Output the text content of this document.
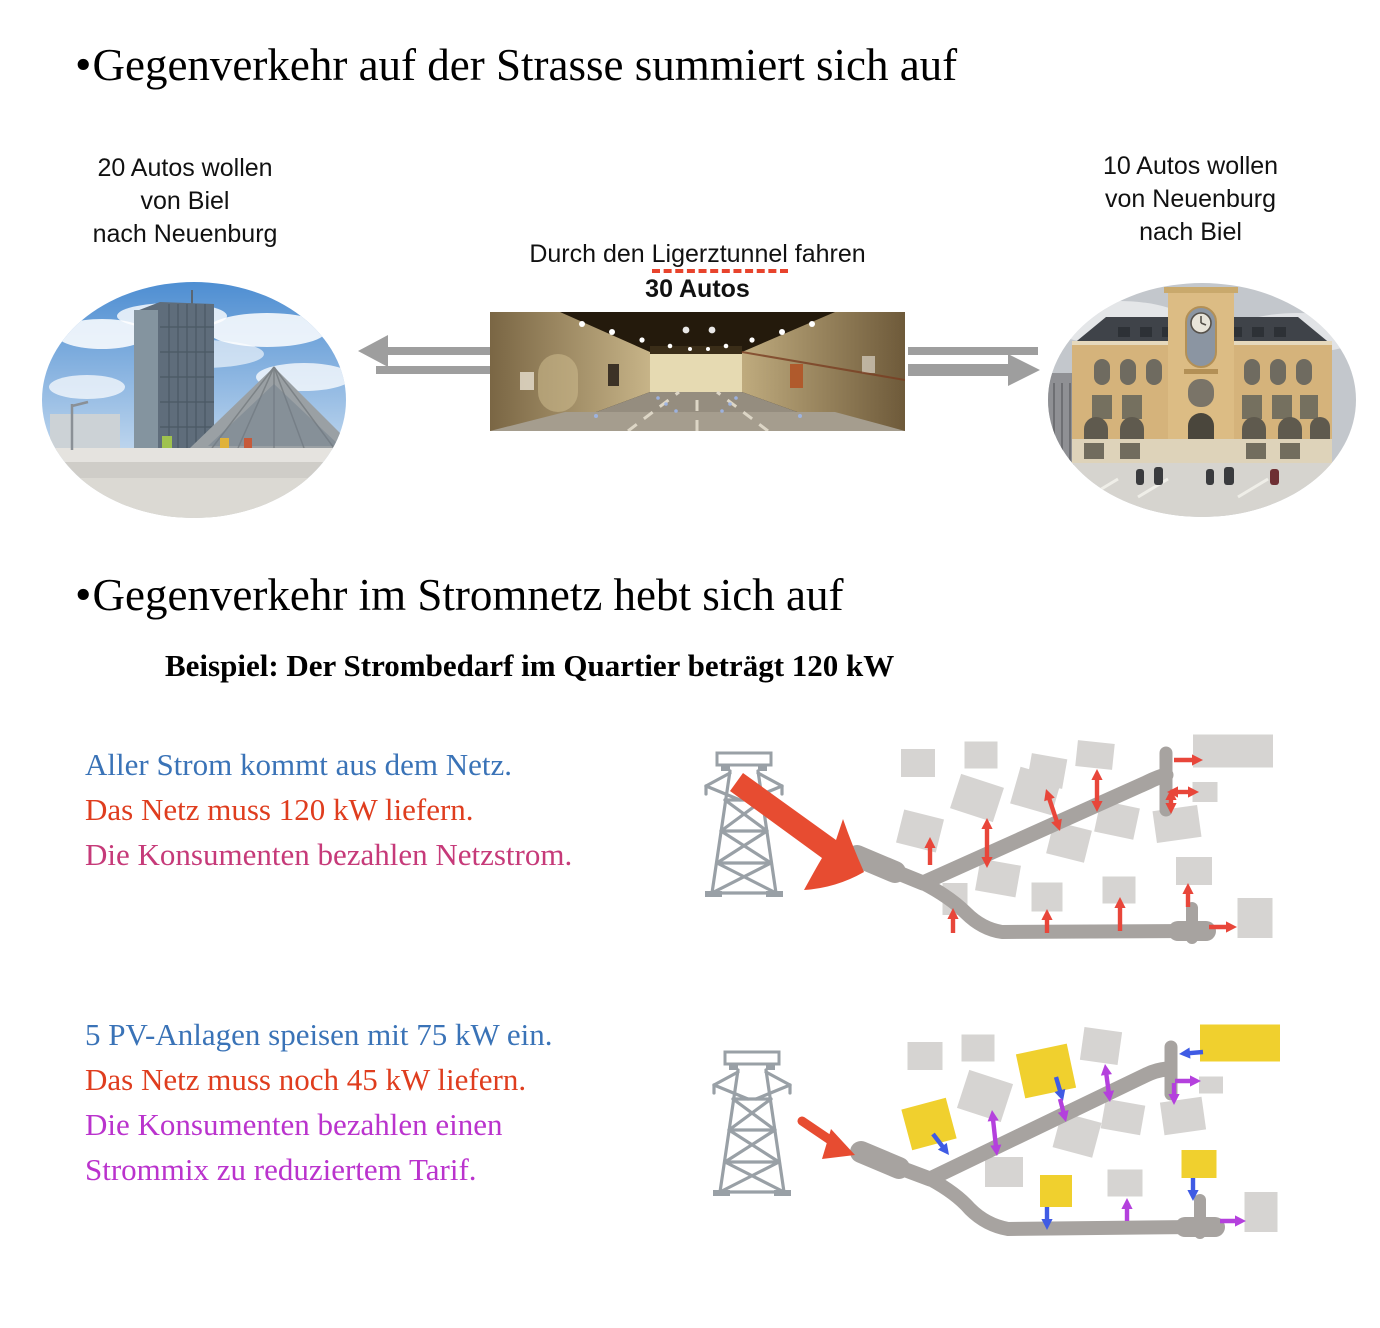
•Gegenverkehr auf der Strasse summiert sich auf
20 Autos wollen
von Biel
nach Neuenburg
10 Autos wollen
von Neuenburg
nach Biel
Durch den Ligerztunnel fahren
30 Autos
•Gegenverkehr im Stromnetz hebt sich auf
Beispiel: Der Strombedarf im Quartier beträgt 120 kW
Aller Strom kommt aus dem Netz.
Das Netz muss 120 kW liefern.
Die Konsumenten bezahlen Netzstrom.
5 PV-Anlagen speisen mit 75 kW ein.
Das Netz muss noch 45 kW liefern.
Die Konsumenten bezahlen einen
Strommix zu reduziertem Tarif.
